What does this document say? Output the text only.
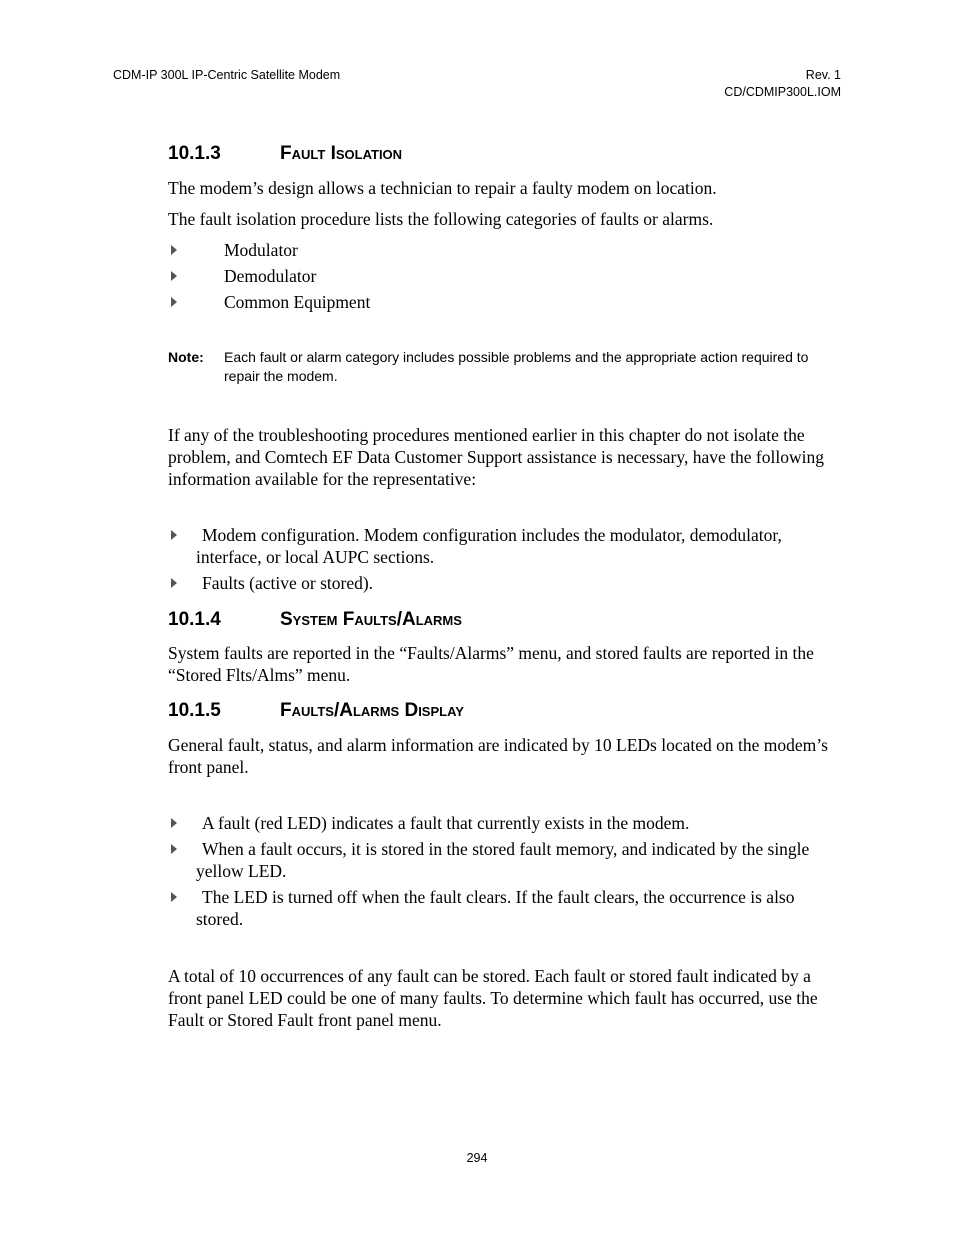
CDM-IP 300L IP-Centric Satellite Modem	Rev. 1
CD/CDMIP300L.IOM
10.1.3	Fault Isolation
The modem’s design allows a technician to repair a faulty modem on location.
The fault isolation procedure lists the following categories of faults or alarms.
Modulator
Demodulator
Common Equipment
Note: Each fault or alarm category includes possible problems and the appropriate action required to repair the modem.
If any of the troubleshooting procedures mentioned earlier in this chapter do not isolate the problem, and Comtech EF Data Customer Support assistance is necessary, have the following information available for the representative:
Modem configuration. Modem configuration includes the modulator, demodulator, interface, or local AUPC sections.
Faults (active or stored).
10.1.4	System Faults/Alarms
System faults are reported in the “Faults/Alarms” menu, and stored faults are reported in the “Stored Flts/Alms” menu.
10.1.5	Faults/Alarms Display
General fault, status, and alarm information are indicated by 10 LEDs located on the modem’s front panel.
A fault (red LED) indicates a fault that currently exists in the modem.
When a fault occurs, it is stored in the stored fault memory, and indicated by the single yellow LED.
The LED is turned off when the fault clears. If the fault clears, the occurrence is also stored.
A total of 10 occurrences of any fault can be stored. Each fault or stored fault indicated by a front panel LED could be one of many faults. To determine which fault has occurred, use the Fault or Stored Fault front panel menu.
294
